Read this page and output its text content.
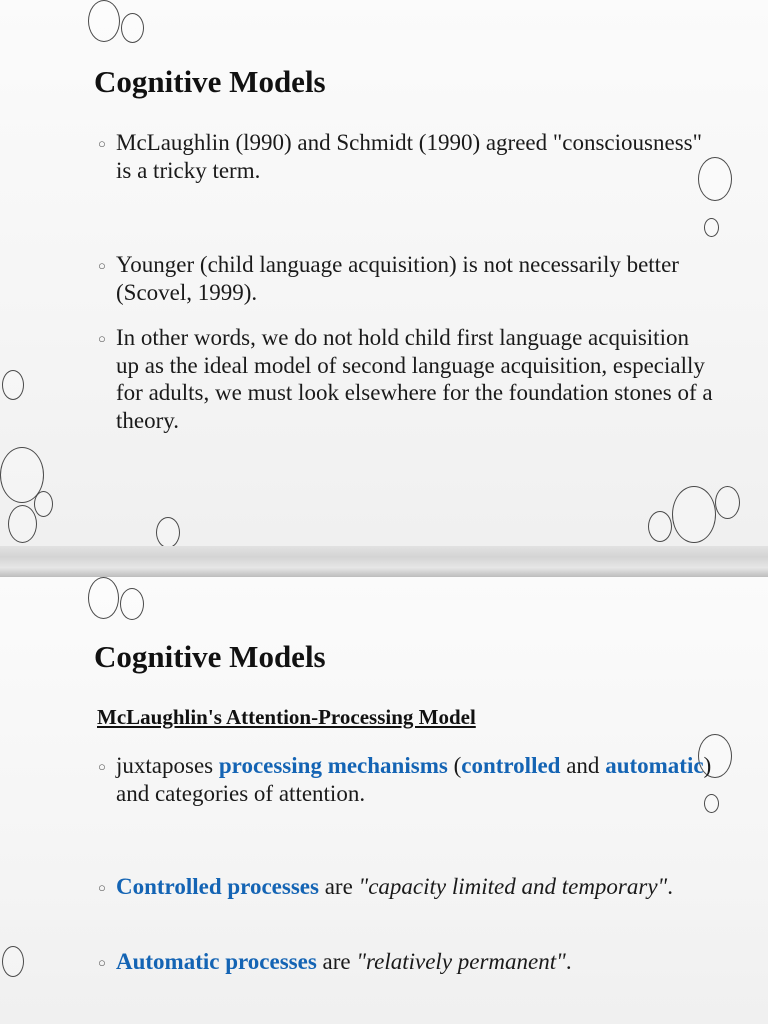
Cognitive Models
○ McLaughlin (l990) and Schmidt (1990) agreed "consciousness" is a tricky term.
○ Younger (child language acquisition) is not necessarily better (Scovel, 1999).
○ In other words, we do not hold child first language acquisition up as the ideal model of second language acquisition, especially for adults, we must look elsewhere for the foundation stones of a theory.
Cognitive Models
McLaughlin's Attention-Processing Model
○ juxtaposes processing mechanisms (controlled and automatic) and categories of attention.
○ Controlled processes are "capacity limited and temporary".
○ Automatic processes are "relatively permanent".
